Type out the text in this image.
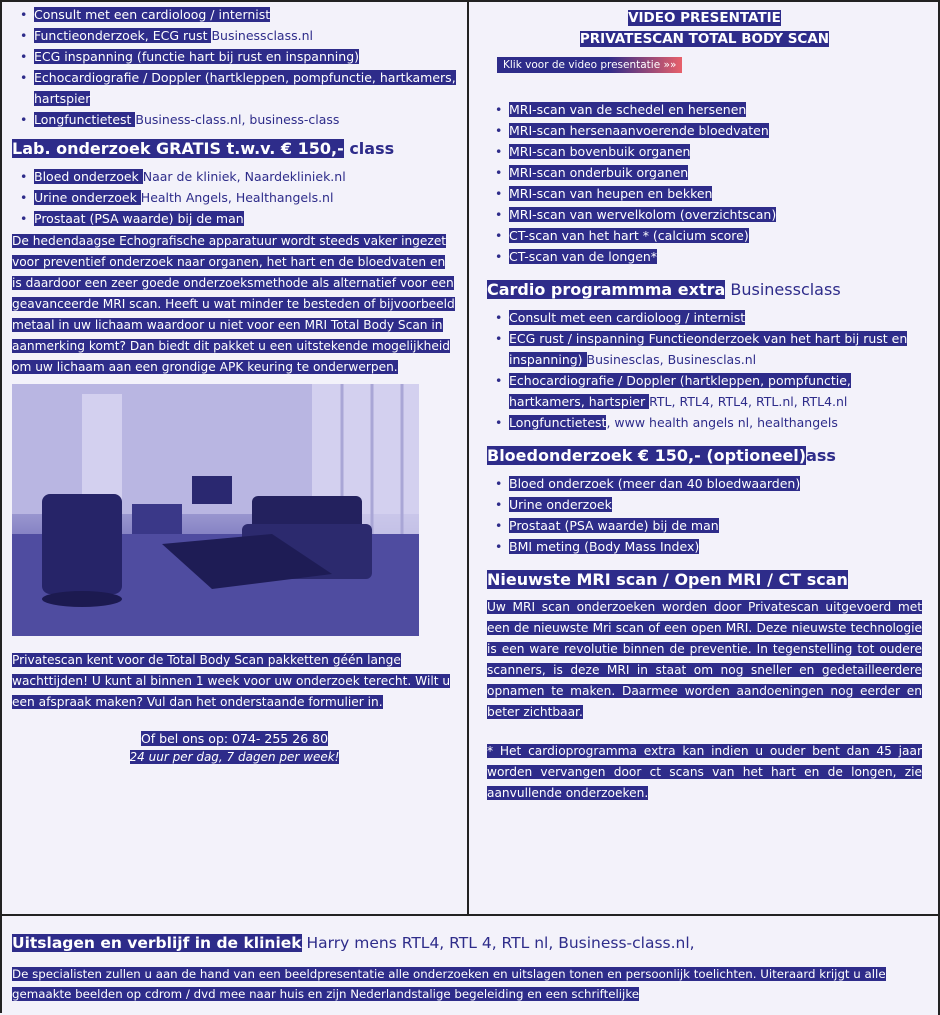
• Consult met een cardioloog / internist
• Functieonderzoek, ECG rust Businessclass.nl
• ECG inspanning (functie hart bij rust en inspanning)
• Echocardiografie / Doppler (hartkleppen, pompfunctie, hartkamers, hartspier
• Longfunctietest Business-class.nl, business-class
Lab. onderzoek GRATIS t.w.v. € 150,- class
• Bloed onderzoek Naar de kliniek, Naardekliniek.nl
• Urine onderzoek Health Angels, Healthangels.nl
• Prostaat (PSA waarde) bij de man

De hedendaagse Echografische apparatuur wordt steeds vaker ingezet voor preventief onderzoek naar organen, het hart en de bloedvaten en is daardoor een zeer goede onderzoeksmethode als alternatief voor een geavanceerde MRI scan. Heeft u wat minder te besteden of bijvoorbeeld metaal in uw lichaam waardoor u niet voor een MRI Total Body Scan in aanmerking komt? Dan biedt dit pakket u een uitstekende mogelijkheid om uw lichaam aan een grondige APK keuring te onderwerpen.

Privatescan kent voor de Total Body Scan pakketten géén lange wachttijden! U kunt al binnen 1 week voor uw onderzoek terecht. Wilt u een afspraak maken? Vul dan het onderstaande formulier in.

Of bel ons op: 074- 255 26 80
24 uur per dag, 7 dagen per week!
VIDEO PRESENTATIE
PRIVATESCAN TOTAL BODY SCAN
Klik voor de video presentatie »»
• MRI-scan van de schedel en hersenen
• MRI-scan hersenaanvoerende bloedvaten
• MRI-scan bovenbuik organen
• MRI-scan onderbuik organen
• MRI-scan van heupen en bekken
• MRI-scan van wervelkolom (overzichtscan)
• CT-scan van het hart * (calcium score)
• CT-scan van de longen*
Cardio programmma extra Businessclass
• Consult met een cardioloog / internist
• ECG rust / inspanning Functieonderzoek van het hart bij rust en inspanning) Businesclas, Businesclas.nl
• Echocardiografie / Doppler (hartkleppen, pompfunctie, hartkamers, hartspier RTL, RTL4, RTL4, RTL.nl, RTL4.nl
• Longfunctietest, www health angels nl, healthangels
Bloedonderzoek € 150,- (optioneel)ass
• Bloed onderzoek (meer dan 40 bloedwaarden)
• Urine onderzoek
• Prostaat (PSA waarde) bij de man
• BMI meting (Body Mass Index)
Nieuwste MRI scan / Open MRI / CT scan

Uw MRI scan onderzoeken worden door Privatescan uitgevoerd met een de nieuwste Mri scan of een open MRI. Deze nieuwste technologie is een ware revolutie binnen de preventie. In tegenstelling tot oudere scanners, is deze MRI in staat om nog sneller en gedetailleerdere opnamen te maken. Daarmee worden aandoeningen nog eerder en beter zichtbaar.

* Het cardioprogramma extra kan indien u ouder bent dan 45 jaar worden vervangen door ct scans van het hart en de longen, zie aanvullende onderzoeken.

Uitslagen en verblijf in de kliniek Harry mens RTL4, RTL 4, RTL nl, Business-class.nl,

De specialisten zullen u aan de hand van een beeldpresentatie alle onderzoeken en uitslagen tonen en persoonlijk toelichten. Uiteraard krijgt u alle gemaakte beelden op cdrom / dvd mee naar huis en zijn Nederlandstalige begeleiding en een schriftelijke
